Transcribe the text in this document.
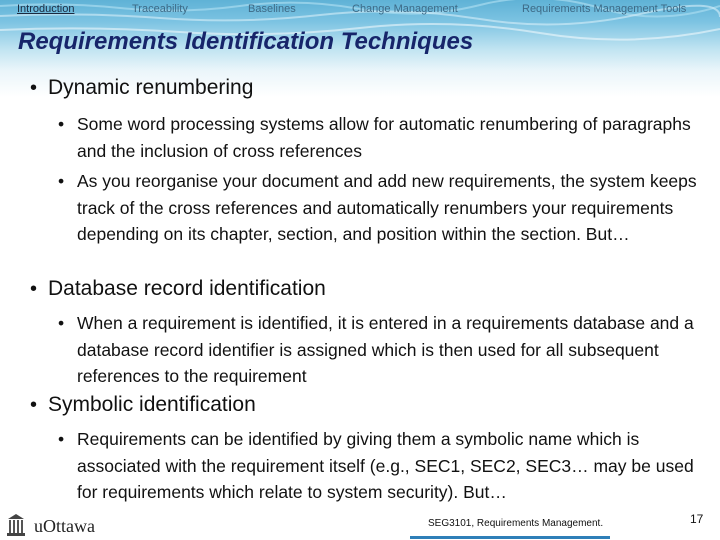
Introduction	Traceability	Baselines	Change Management	Requirements Management Tools
Requirements Identification Techniques
• Dynamic renumbering
• Some word processing systems allow for automatic renumbering of paragraphs and the inclusion of cross references
• As you reorganise your document and add new requirements, the system keeps track of the cross references and automatically renumbers your requirements depending on its chapter, section, and position within the section. But…
• Database record identification
• When a requirement is identified, it is entered in a requirements database and a database record identifier is assigned which is then used for all subsequent references to the requirement
• Symbolic identification
• Requirements can be identified by giving them a symbolic name which is associated with the requirement itself (e.g., SEC1, SEC2, SEC3… may be used for requirements which relate to system security). But…
uOttawa	SEG3101, Requirements Management.	17
